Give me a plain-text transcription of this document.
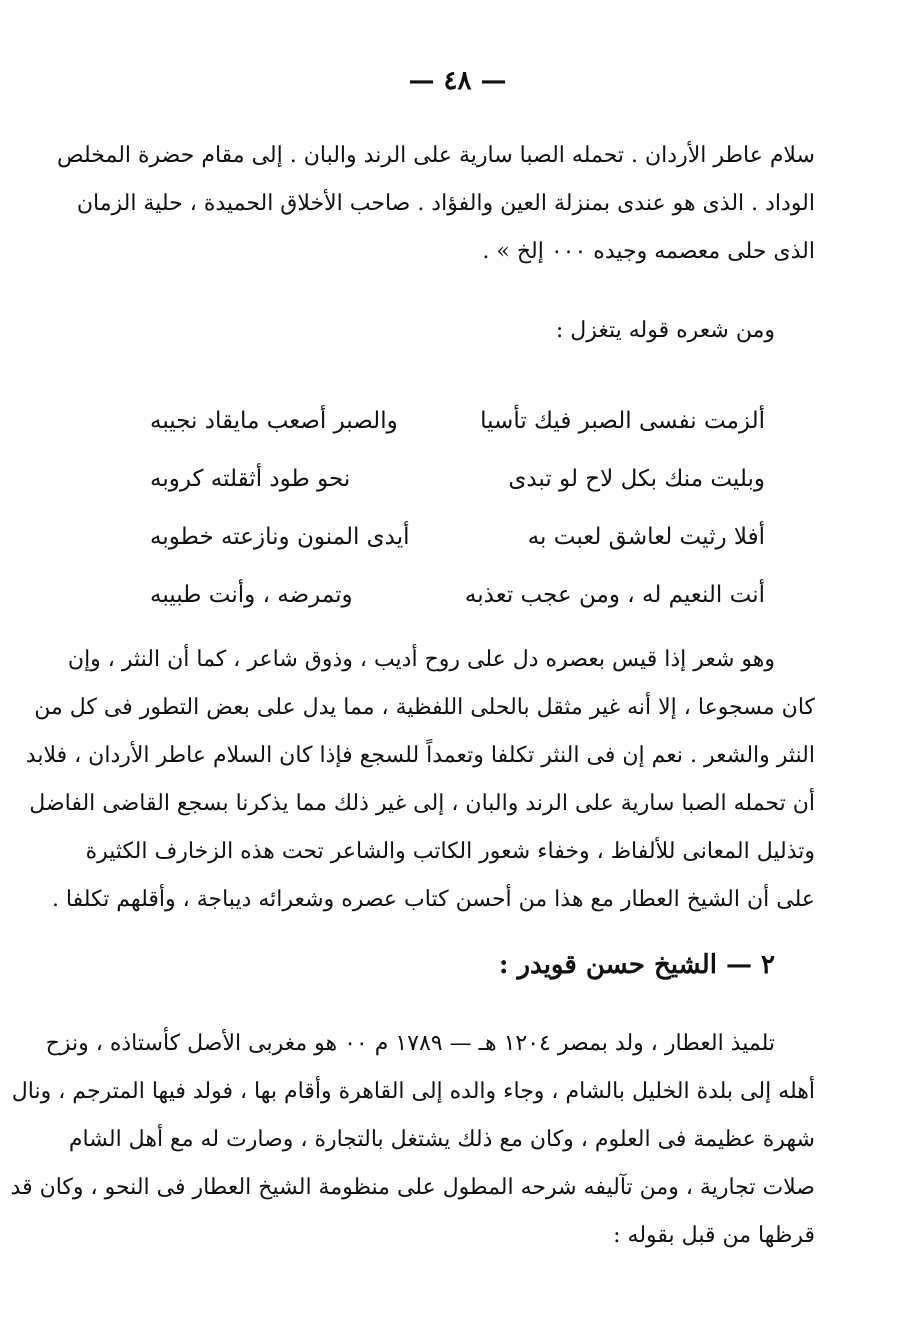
— ٤٨ —
سلام عاطر الأردان . تحمله الصبا سارية على الرند والبان . إلى مقام حضرة المخلص
الوداد . الذى هو عندى بمنزلة العين والفؤاد . صاحب الأخلاق الحميدة ، حلية الزمان
الذى حلى معصمه وجيده ٠٠٠ إلخ » .

ومن شعره قوله يتغزل :

ألزمت نفسى الصبر فيك تأسيا
والصبر أصعب مايقاد نجيبه
وبليت منك بكل لاح لو تبدى
نحو طود أثقلته كروبه
أفلا رثيت لعاشق لعبت به
أيدى المنون ونازعته خطوبه
أنت النعيم له ، ومن عجب تعذبه
وتمرضه ، وأنت طبيبه
وهو شعر إذا قيس بعصره دل على روح أديب ، وذوق شاعر ، كما أن النثر ، وإن
كان مسجوعا ، إلا أنه غير مثقل بالحلى اللفظية ، مما يدل على بعض التطور فى كل من
النثر والشعر . نعم إن فى النثر تكلفا وتعمداً للسجع فإذا كان السلام عاطر الأردان ، فلابد
أن تحمله الصبا سارية على الرند والبان ، إلى غير ذلك مما يذكرنا بسجع القاضى الفاضل
وتذليل المعانى للألفاظ ، وخفاء شعور الكاتب والشاعر تحت هذه الزخارف الكثيرة
على أن الشيخ العطار مع هذا من أحسن كتاب عصره وشعرائه ديباجة ، وأقلهم تكلفا .
٢ — الشيخ حسن قويدر :
تلميذ العطار ، ولد بمصر ١٢٠٤ هـ — ١٧٨٩ م ٠٠ هو مغربى الأصل كأستاذه ، ونزح
أهله إلى بلدة الخليل بالشام ، وجاء والده إلى القاهرة وأقام بها ، فولد فيها المترجم ، ونال
شهرة عظيمة فى العلوم ، وكان مع ذلك يشتغل بالتجارة ، وصارت له مع أهل الشام
صلات تجارية ، ومن تآليفه شرحه المطول على منظومة الشيخ العطار فى النحو ، وكان قد
قرظها من قبل بقوله :
